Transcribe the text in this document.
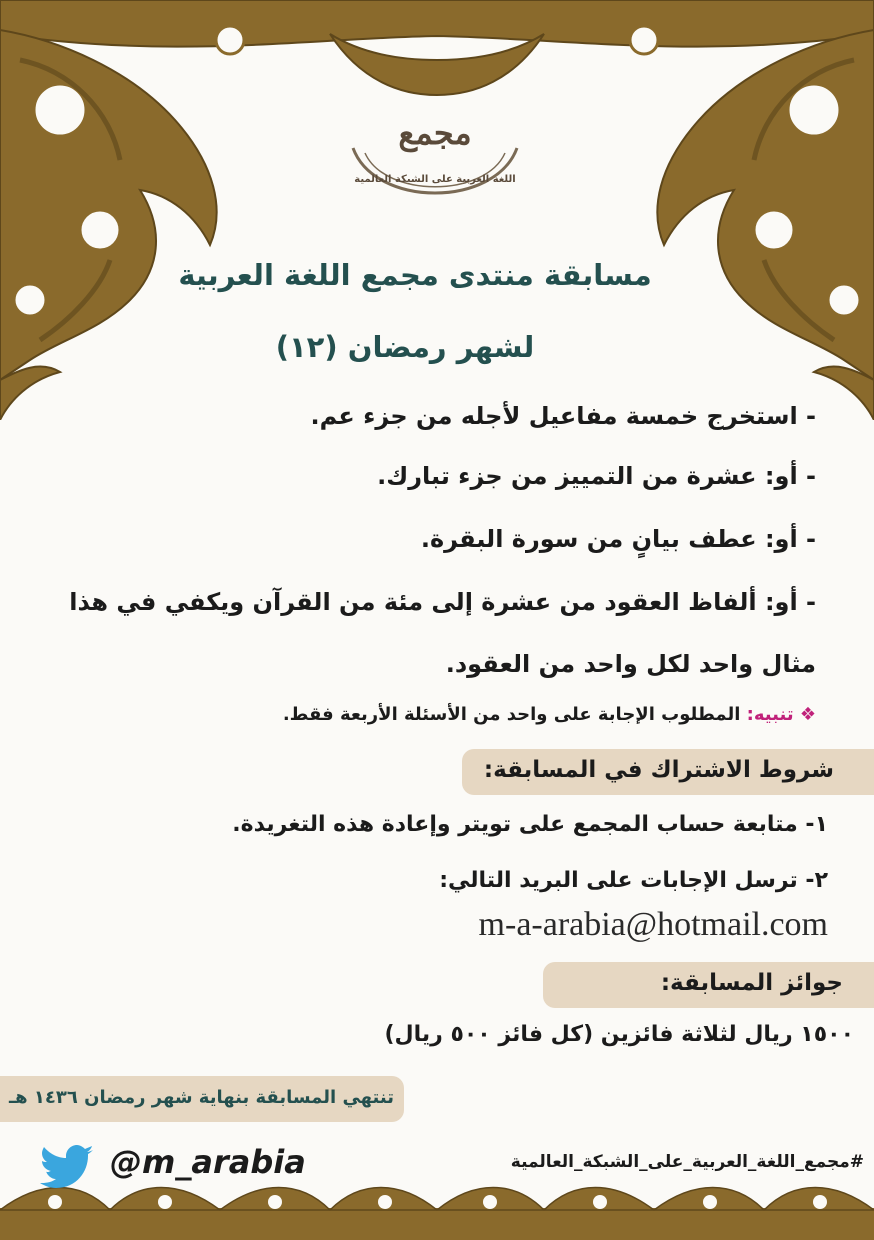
مجمع
اللغة العربية على الشبكة العالمية
مسابقة منتدى مجمع اللغة العربية
لشهر رمضان (١٢)
- استخرج خمسة مفاعيل لأجله من جزء عم.
- أو: عشرة من التمييز من جزء تبارك.
- أو: عطف بيانٍ من سورة البقرة.
- أو: ألفاظ العقود من عشرة إلى مئة من القرآن ويكفي في هذا
مثال واحد لكل واحد من العقود.
❖ تنبيه: المطلوب الإجابة على واحد من الأسئلة الأربعة فقط.
شروط الاشتراك في المسابقة:
١- متابعة حساب المجمع على تويتر وإعادة هذه التغريدة.
٢- ترسل الإجابات على البريد التالي:
m-a-arabia@hotmail.com
جوائز المسابقة:
١٥٠٠ ريال لثلاثة فائزين (كل فائز ٥٠٠ ريال)
تنتهي المسابقة بنهاية شهر رمضان ١٤٣٦ هـ
@m_arabia	#مجمع_اللغة_العربية_على_الشبكة_العالمية
